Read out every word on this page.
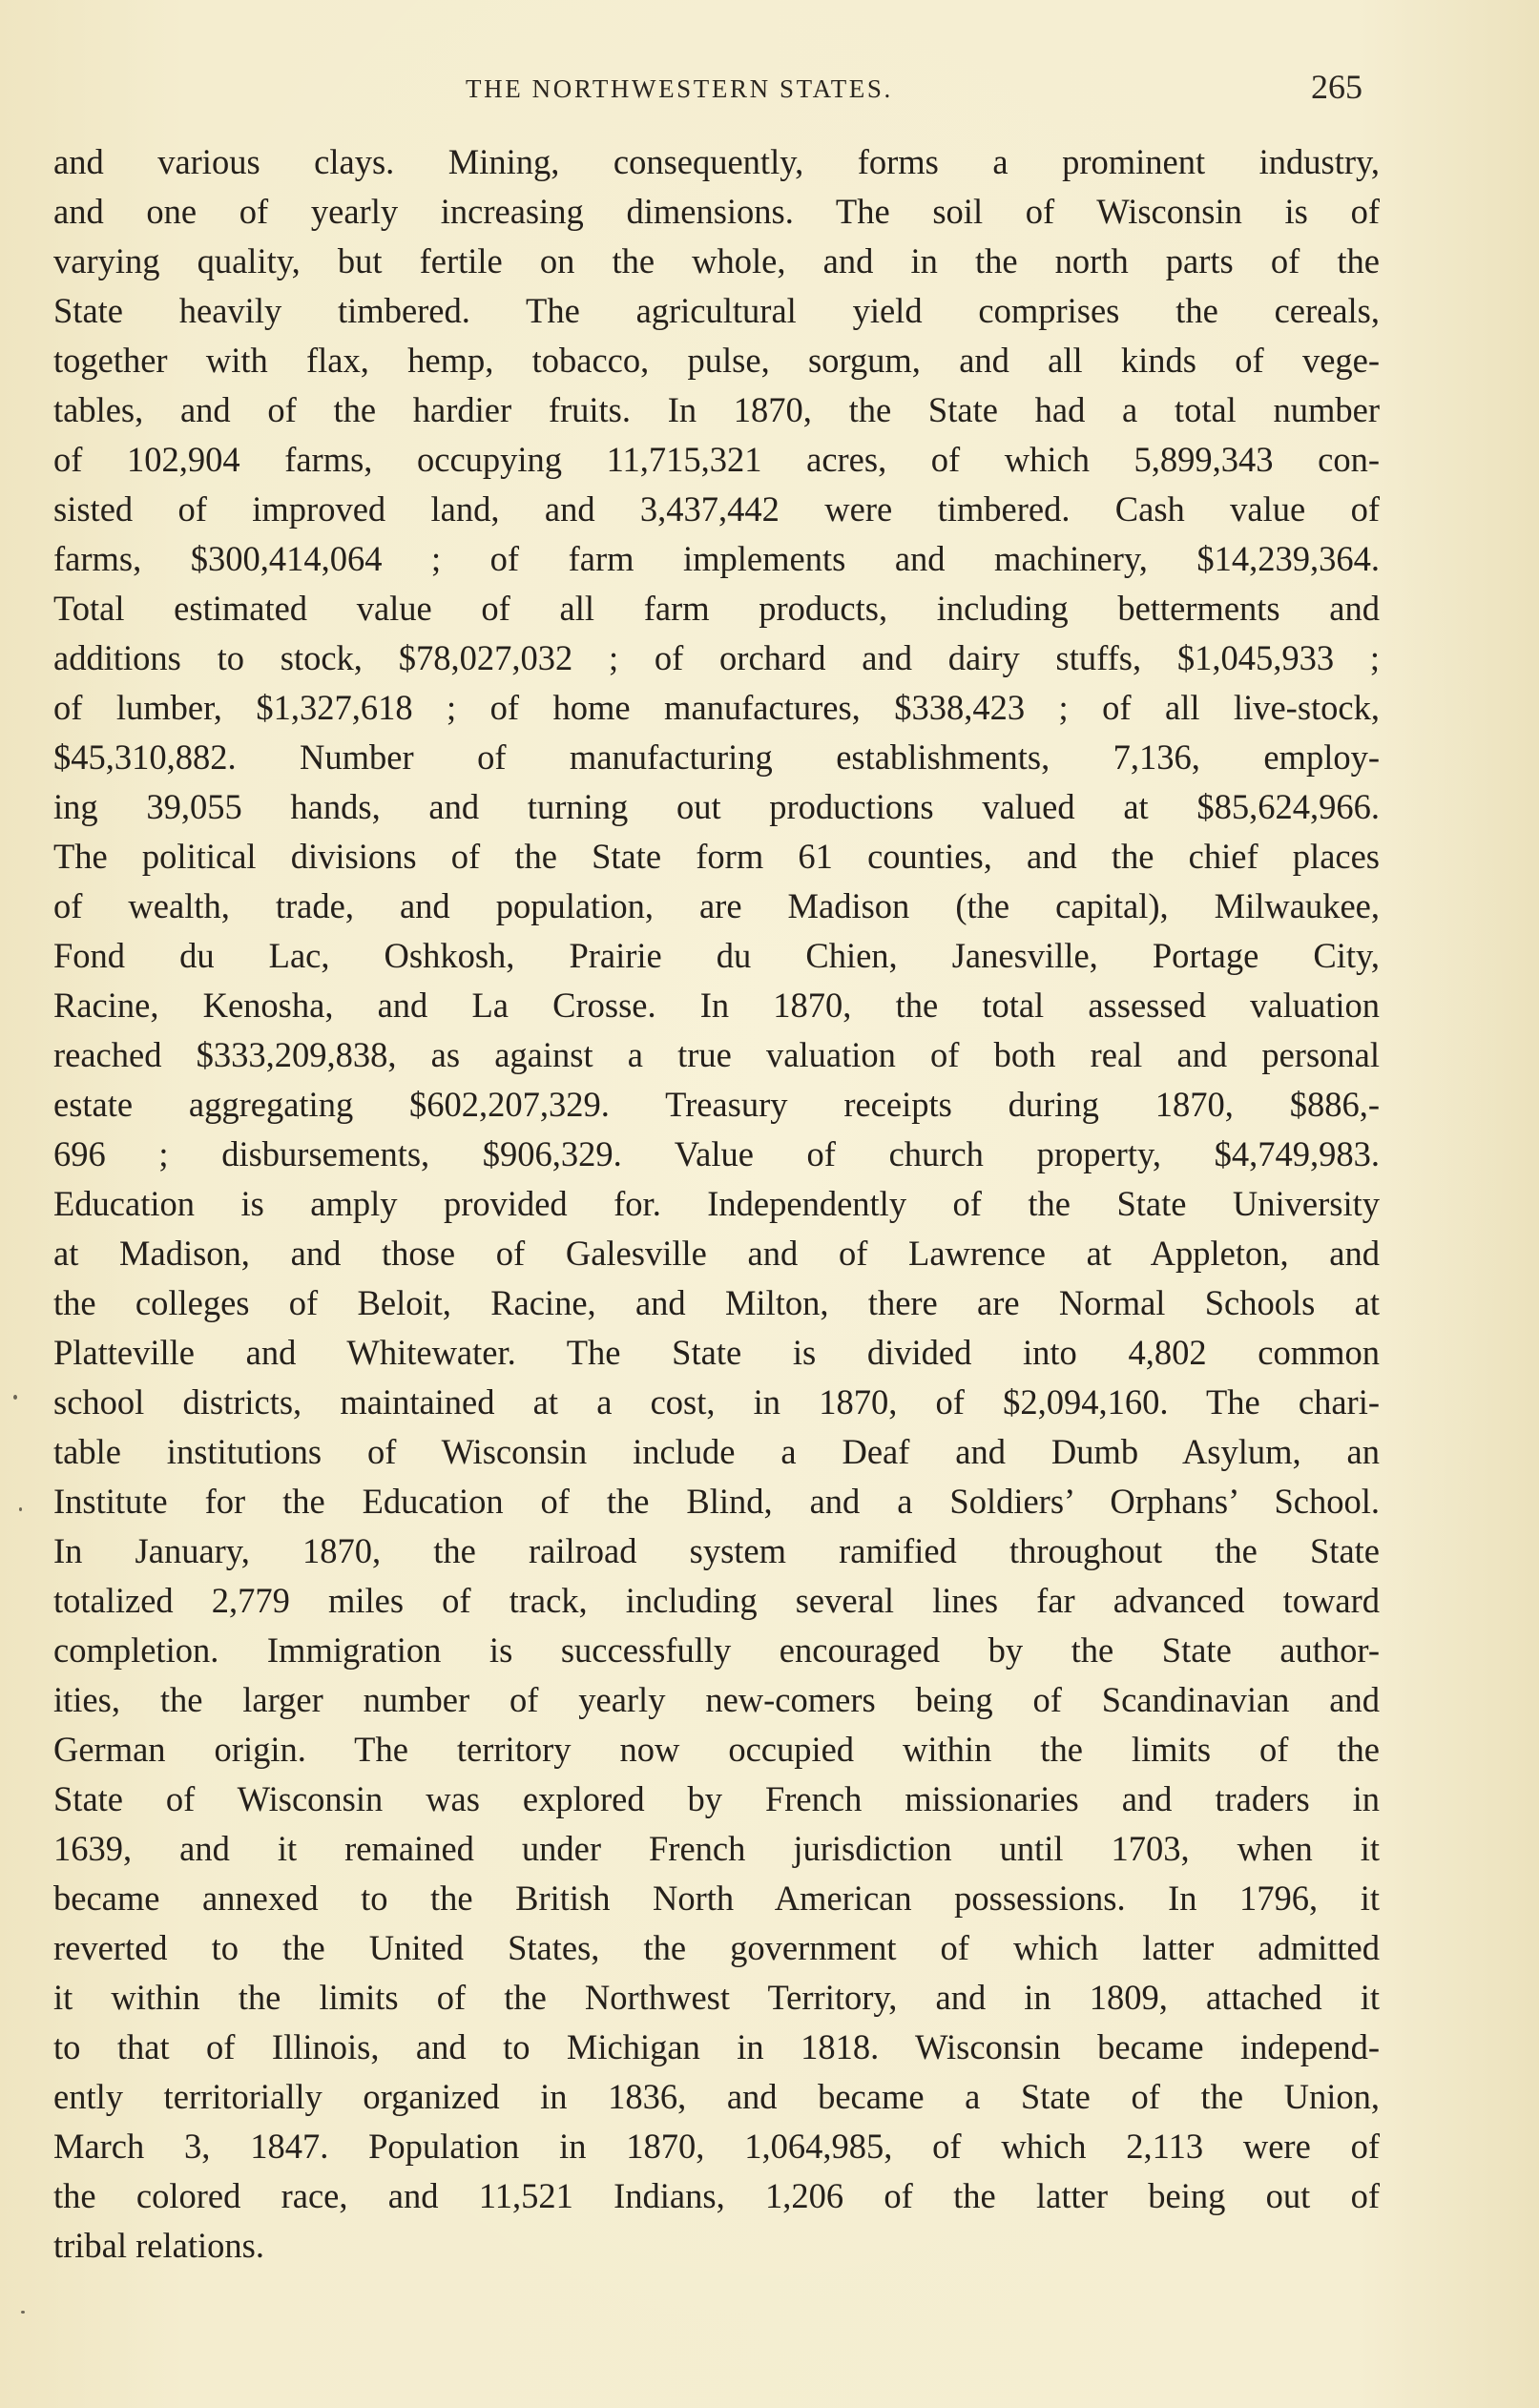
THE NORTHWESTERN STATES.	265
and various clays. Mining, consequently, forms a prominent industry,
and one of yearly increasing dimensions. The soil of Wisconsin is of
varying quality, but fertile on the whole, and in the north parts of the
State heavily timbered. The agricultural yield comprises the cereals,
together with flax, hemp, tobacco, pulse, sorgum, and all kinds of vege-
tables, and of the hardier fruits. In 1870, the State had a total number
of 102,904 farms, occupying 11,715,321 acres, of which 5,899,343 con-
sisted of improved land, and 3,437,442 were timbered. Cash value of
farms, $300,414,064 ; of farm implements and machinery, $14,239,364.
Total estimated value of all farm products, including betterments and
additions to stock, $78,027,032 ; of orchard and dairy stuffs, $1,045,933 ;
of lumber, $1,327,618 ; of home manufactures, $338,423 ; of all live-stock,
$45,310,882. Number of manufacturing establishments, 7,136, employ-
ing 39,055 hands, and turning out productions valued at $85,624,966.
The political divisions of the State form 61 counties, and the chief places
of wealth, trade, and population, are Madison (the capital), Milwaukee,
Fond du Lac, Oshkosh, Prairie du Chien, Janesville, Portage City,
Racine, Kenosha, and La Crosse. In 1870, the total assessed valuation
reached $333,209,838, as against a true valuation of both real and personal
estate aggregating $602,207,329. Treasury receipts during 1870, $886,-
696 ; disbursements, $906,329. Value of church property, $4,749,983.
Education is amply provided for. Independently of the State University
at Madison, and those of Galesville and of Lawrence at Appleton, and
the colleges of Beloit, Racine, and Milton, there are Normal Schools at
Platteville and Whitewater. The State is divided into 4,802 common
school districts, maintained at a cost, in 1870, of $2,094,160. The chari-
table institutions of Wisconsin include a Deaf and Dumb Asylum, an
Institute for the Education of the Blind, and a Soldiers’ Orphans’ School.
In January, 1870, the railroad system ramified throughout the State
totalized 2,779 miles of track, including several lines far advanced toward
completion. Immigration is successfully encouraged by the State author-
ities, the larger number of yearly new-comers being of Scandinavian and
German origin. The territory now occupied within the limits of the
State of Wisconsin was explored by French missionaries and traders in
1639, and it remained under French jurisdiction until 1703, when it
became annexed to the British North American possessions. In 1796, it
reverted to the United States, the government of which latter admitted
it within the limits of the Northwest Territory, and in 1809, attached it
to that of Illinois, and to Michigan in 1818. Wisconsin became independ-
ently territorially organized in 1836, and became a State of the Union,
March 3, 1847. Population in 1870, 1,064,985, of which 2,113 were of
the colored race, and 11,521 Indians, 1,206 of the latter being out of
tribal relations.
